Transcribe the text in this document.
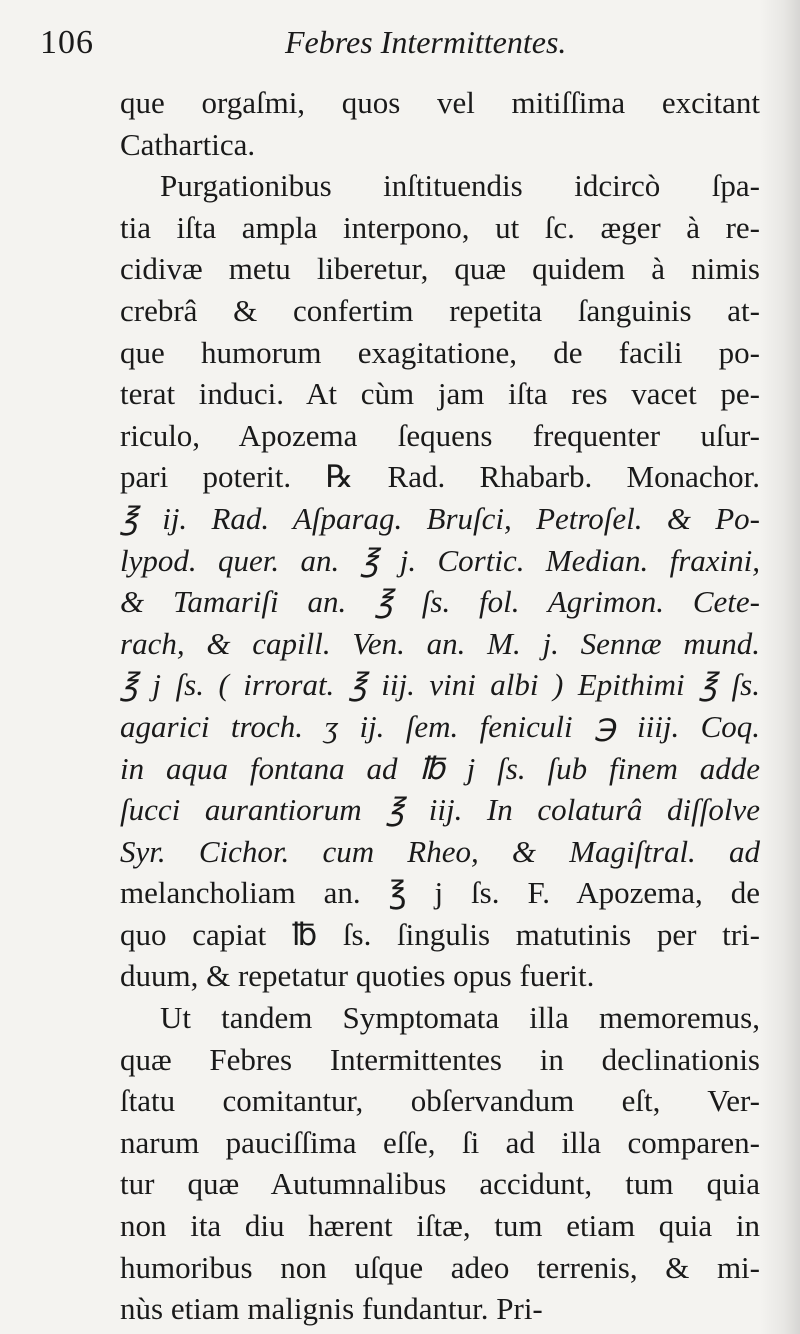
106	Febres Intermittentes.
que orgaſmi, quos vel mitiſſima excitant
Cathartica.
Purgationibus inſtituendis idcircò ſpa-
tia iſta ampla interpono, ut ſc. æger à re-
cidivæ metu liberetur, quæ quidem à nimis
crebrâ & confertim repetita ſanguinis at-
que humorum exagitatione, de facili po-
terat induci. At cùm jam iſta res vacet pe-
riculo, Apozema ſequens frequenter uſur-
pari poterit. ℞ Rad. Rhabarb. Monachor.
℥ ij. Rad. Aſparag. Bruſci, Petroſel. & Po-
lypod. quer. an. ℥ j. Cortic. Median. fraxini,
& Tamariſi an. ℥ ſs. fol. Agrimon. Cete-
rach, & capill. Ven. an. M. j. Sennæ mund.
℥ j ſs. ( irrorat. ℥ iij. vini albi ) Epithimi ℥ ſs.
agarici troch. ʒ ij. ſem. feniculi ℈ iiij. Coq.
in aqua fontana ad ℔ j ſs. ſub finem adde
ſucci aurantiorum ℥ iij. In colaturâ diſſolve
Syr. Cichor. cum Rheo, & Magiſtral. ad
melancholiam an. ℥ j ſs. F. Apozema, de
quo capiat ℔ ſs. ſingulis matutinis per tri-
duum, & repetatur quoties opus fuerit.
Ut tandem Symptomata illa memoremus,
quæ Febres Intermittentes in declinationis
ſtatu comitantur, obſervandum eſt, Ver-
narum pauciſſima eſſe, ſi ad illa comparen-
tur quæ Autumnalibus accidunt, tum quia
non ita diu hærent iſtæ, tum etiam quia in
humoribus non uſque adeo terrenis, & mi-
nùs etiam malignis fundantur. Pri-
